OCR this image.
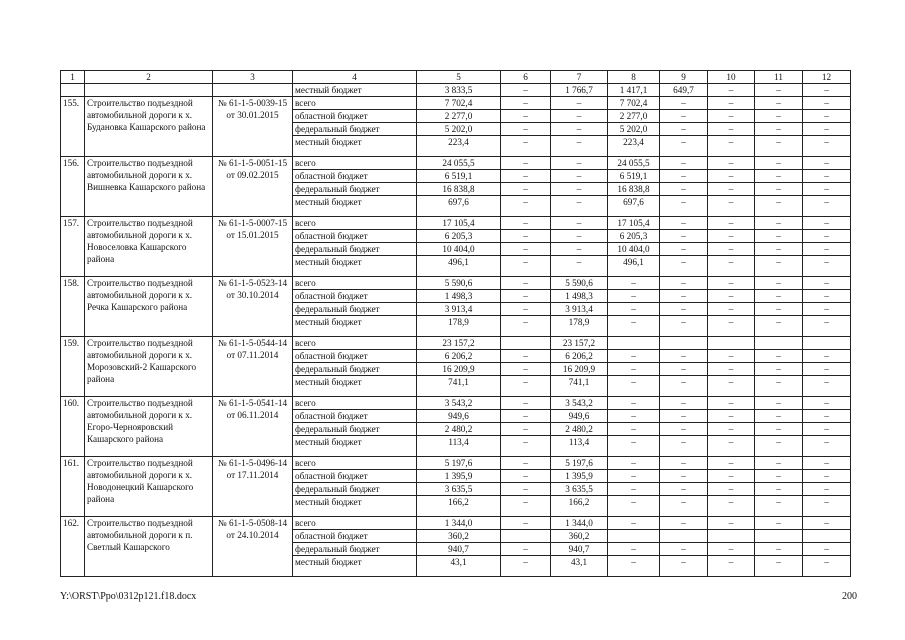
1	2	3	4	5	6	7	8	9	10	11	12
			местный бюджет	3 833,5	–	1 766,7	1 417,1	649,7	–	–	–
155.	Строительство подъездной автомобильной дороги к х. Будановка Кашарского района	№ 61-1-5-0039-15 от 30.01.2015	всего	7 702,4	–	–	7 702,4	–	–	–	–
			областной бюджет	2 277,0	–	–	2 277,0	–	–	–	–
			федеральный бюджет	5 202,0	–	–	5 202,0	–	–	–	–
			местный бюджет	223,4	–	–	223,4	–	–	–	–
156.	Строительство подъездной автомобильной дороги к х. Вишневка Кашарского района	№ 61-1-5-0051-15 от 09.02.2015	всего	24 055,5	–	–	24 055,5	–	–	–	–
			областной бюджет	6 519,1	–	–	6 519,1	–	–	–	–
			федеральный бюджет	16 838,8	–	–	16 838,8	–	–	–	–
			местный бюджет	697,6	–	–	697,6	–	–	–	–
157.	Строительство подъездной автомобильной дороги к х. Новоселовка Кашарского района	№ 61-1-5-0007-15 от 15.01.2015	всего	17 105,4	–	–	17 105,4	–	–	–	–
			областной бюджет	6 205,3	–	–	6 205,3	–	–	–	–
			федеральный бюджет	10 404,0	–	–	10 404,0	–	–	–	–
			местный бюджет	496,1	–	–	496,1	–	–	–	–
158.	Строительство подъездной автомобильной дороги к х. Речка Кашарского района	№ 61-1-5-0523-14 от 30.10.2014	всего	5 590,6	–	5 590,6	–	–	–	–	–
			областной бюджет	1 498,3	–	1 498,3	–	–	–	–	–
			федеральный бюджет	3 913,4	–	3 913,4	–	–	–	–	–
			местный бюджет	178,9	–	178,9	–	–	–	–	–
159.	Строительство подъездной автомобильной дороги к х. Морозовский-2 Кашарского района	№ 61-1-5-0544-14 от 07.11.2014	всего	23 157,2		23 157,2					
			областной бюджет	6 206,2	–	6 206,2	–	–	–	–	–
			федеральный бюджет	16 209,9	–	16 209,9	–	–	–	–	–
			местный бюджет	741,1	–	741,1	–	–	–	–	–
160.	Строительство подъездной автомобильной дороги к х. Егоро-Чернояровский Кашарского района	№ 61-1-5-0541-14 от 06.11.2014	всего	3 543,2	–	3 543,2	–	–	–	–	–
			областной бюджет	949,6	–	949,6	–	–	–	–	–
			федеральный бюджет	2 480,2	–	2 480,2	–	–	–	–	–
			местный бюджет	113,4	–	113,4	–	–	–	–	–
161.	Строительство подъездной автомобильной дороги к х. Новодонецкий Кашарского района	№ 61-1-5-0496-14 от 17.11.2014	всего	5 197,6	–	5 197,6	–	–	–	–	–
			областной бюджет	1 395,9	–	1 395,9	–	–	–	–	–
			федеральный бюджет	3 635,5	–	3 635,5	–	–	–	–	–
			местный бюджет	166,2	–	166,2	–	–	–	–	–
162.	Строительство подъездной автомобильной дороги к п. Светлый Кашарского	№ 61-1-5-0508-14 от 24.10.2014	всего	1 344,0	–	1 344,0	–	–	–	–	–
			областной бюджет	360,2		360,2					
			федеральный бюджет	940,7	–	940,7	–	–	–	–	–
			местный бюджет	43,1	–	43,1	–	–	–	–	–
Y:\ORST\Ppo\0312p121.f18.docx	200
